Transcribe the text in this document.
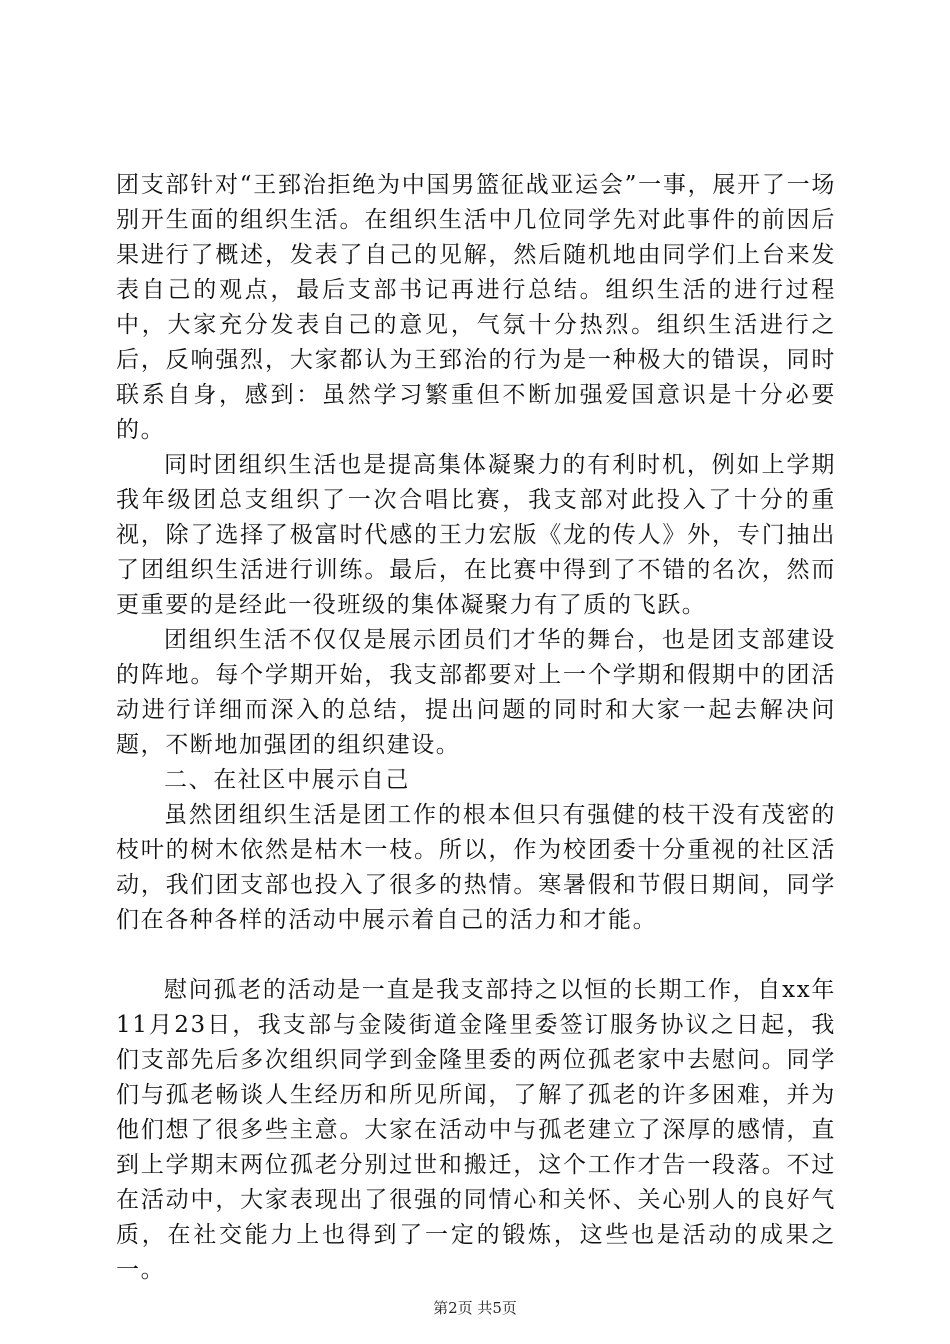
团支部针对“王郅治拒绝为中国男篮征战亚运会”一事，展开了一场别开生面的组织生活。在组织生活中几位同学先对此事件的前因后果进行了概述，发表了自己的见解，然后随机地由同学们上台来发表自己的观点，最后支部书记再进行总结。组织生活的进行过程中，大家充分发表自己的意见，气氛十分热烈。组织生活进行之后，反响强烈，大家都认为王郅治的行为是一种极大的错误，同时联系自身，感到：虽然学习繁重但不断加强爱国意识是十分必要的。

同时团组织生活也是提高集体凝聚力的有利时机，例如上学期我年级团总支组织了一次合唱比赛，我支部对此投入了十分的重视，除了选择了极富时代感的王力宏版《龙的传人》外，专门抽出了团组织生活进行训练。最后，在比赛中得到了不错的名次，然而更重要的是经此一役班级的集体凝聚力有了质的飞跃。

团组织生活不仅仅是展示团员们才华的舞台，也是团支部建设的阵地。每个学期开始，我支部都要对上一个学期和假期中的团活动进行详细而深入的总结，提出问题的同时和大家一起去解决问题，不断地加强团的组织建设。

二、在社区中展示自己

虽然团组织生活是团工作的根本但只有强健的枝干没有茂密的枝叶的树木依然是枯木一枝。所以，作为校团委十分重视的社区活动，我们团支部也投入了很多的热情。寒暑假和节假日期间，同学们在各种各样的活动中展示着自己的活力和才能。

慰问孤老的活动是一直是我支部持之以恒的长期工作，自xx年11月23日，我支部与金陵街道金隆里委签订服务协议之日起，我们支部先后多次组织同学到金隆里委的两位孤老家中去慰问。同学们与孤老畅谈人生经历和所见所闻，了解了孤老的许多困难，并为他们想了很多些主意。大家在活动中与孤老建立了深厚的感情，直到上学期末两位孤老分别过世和搬迁，这个工作才告一段落。不过在活动中，大家表现出了很强的同情心和关怀、关心别人的良好气质，在社交能力上也得到了一定的锻炼，这些也是活动的成果之一。

第2页 共5页
